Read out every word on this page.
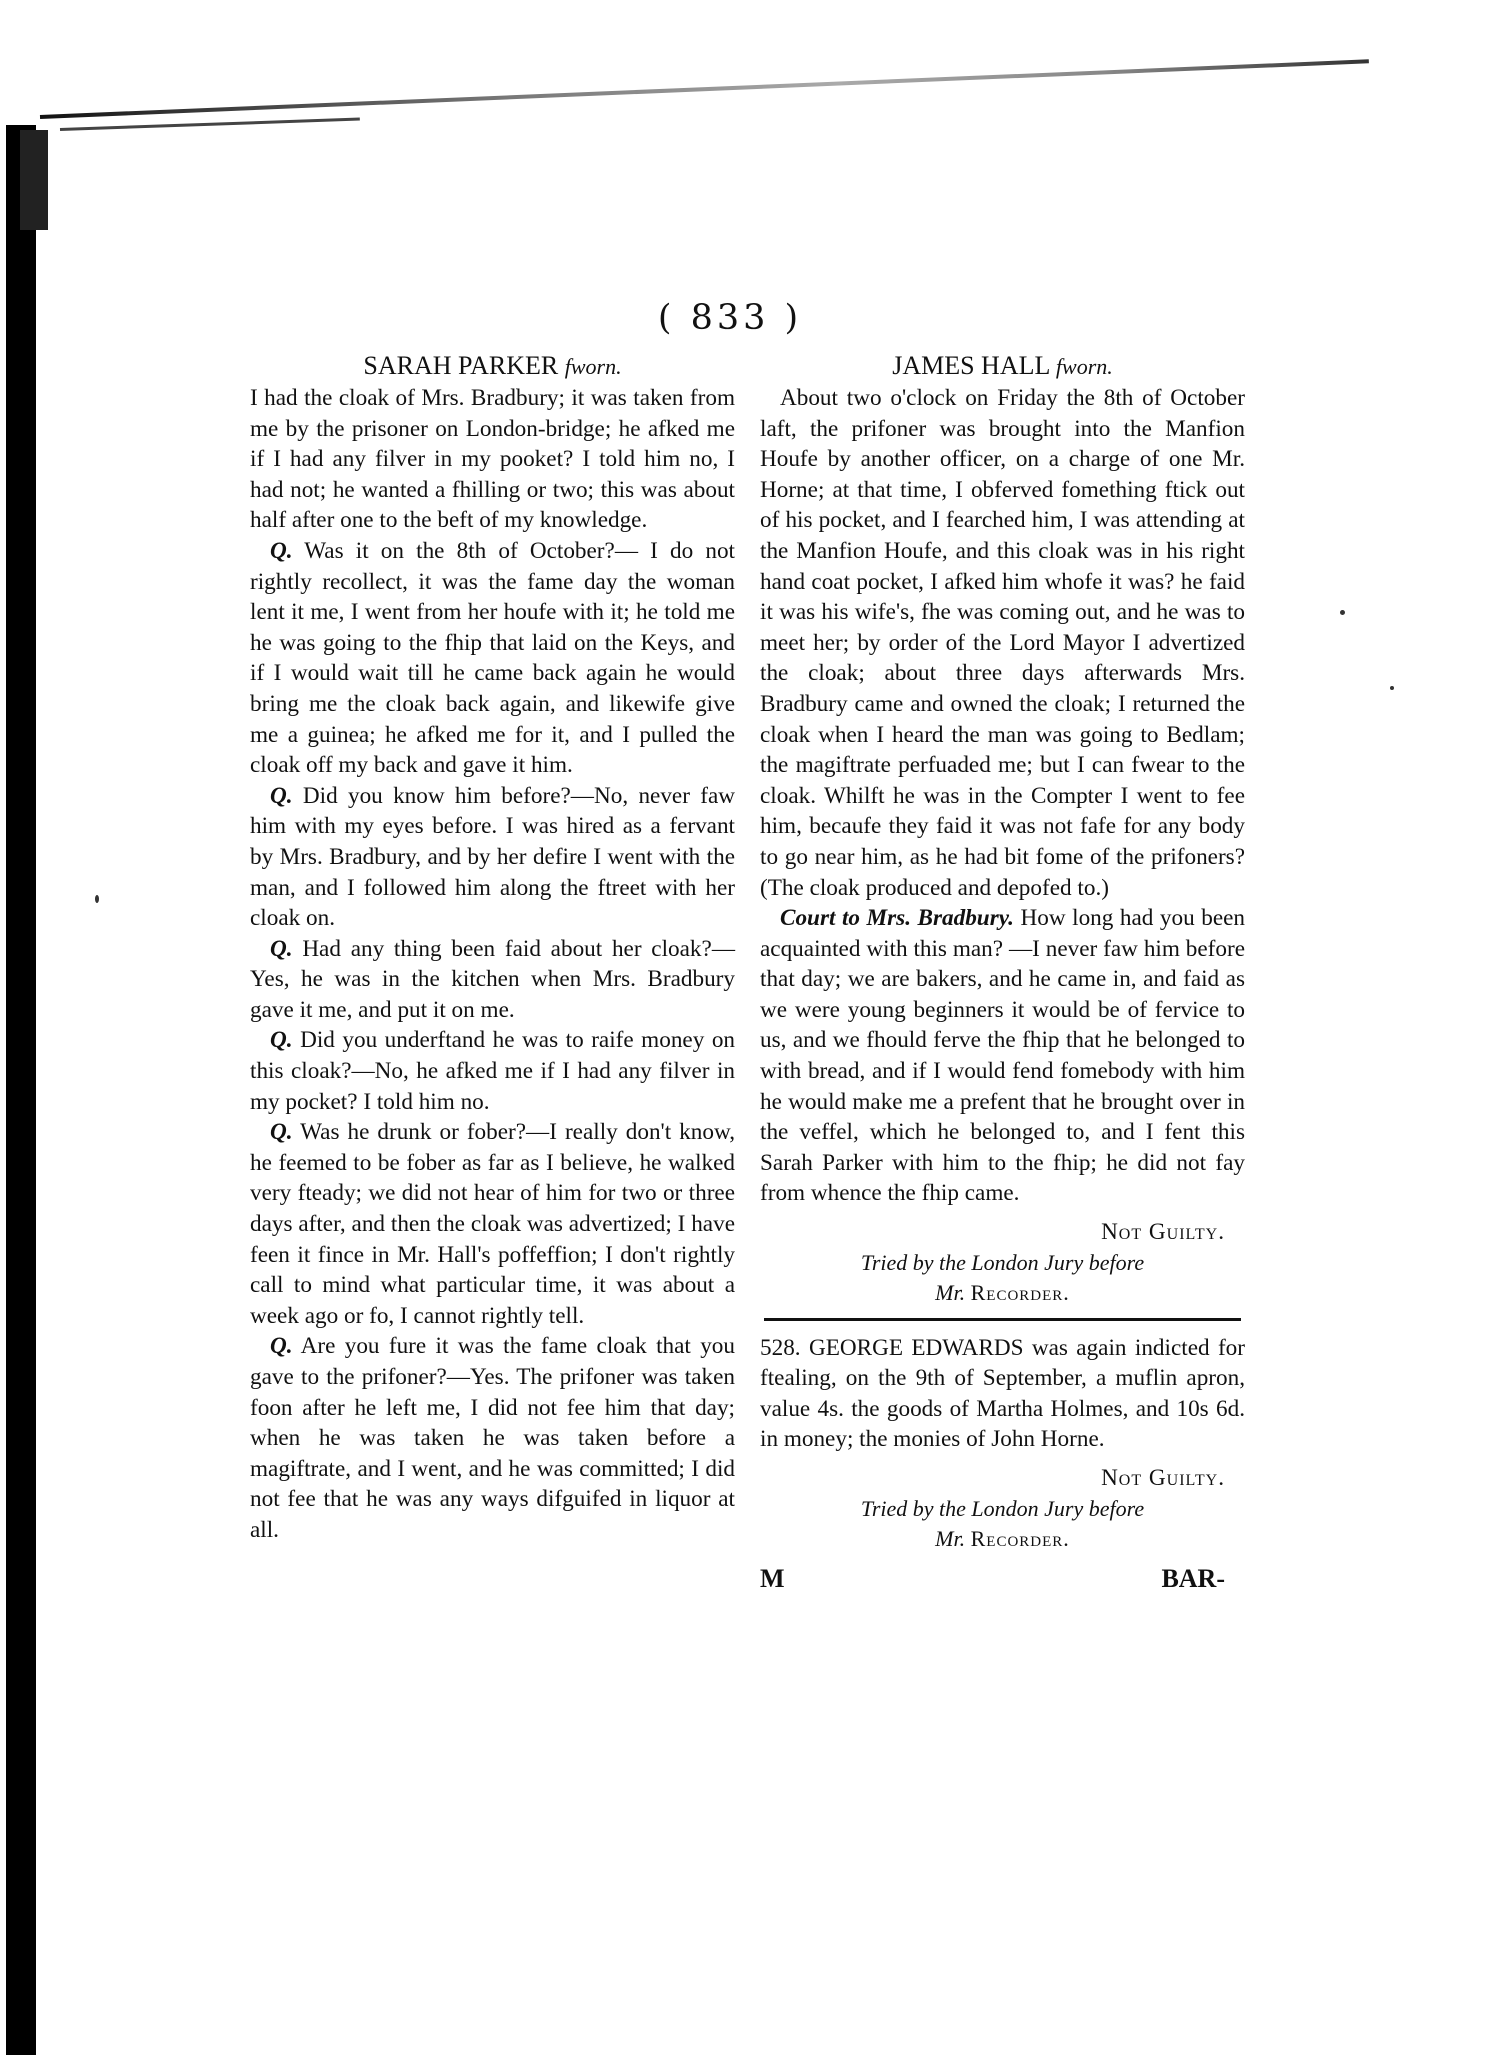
( 833 )

SARAH PARKER fworn.

I had the cloak of Mrs. Bradbury; it was taken from me by the prisoner on London-bridge; he afked me if I had any filver in my pooket? I told him no, I had not; he wanted a fhilling or two; this was about half after one to the beft of my knowledge.

Q. Was it on the 8th of October?— I do not rightly recollect, it was the fame day the woman lent it me, I went from her houfe with it; he told me he was going to the fhip that laid on the Keys, and if I would wait till he came back again he would bring me the cloak back again, and likewife give me a guinea; he afked me for it, and I pulled the cloak off my back and gave it him.

Q. Did you know him before?—No, never faw him with my eyes before. I was hired as a fervant by Mrs. Bradbury, and by her defire I went with the man, and I followed him along the ftreet with her cloak on.

Q. Had any thing been faid about her cloak?—Yes, he was in the kitchen when Mrs. Bradbury gave it me, and put it on me.

Q. Did you underftand he was to raife money on this cloak?—No, he afked me if I had any filver in my pocket? I told him no.

Q. Was he drunk or fober?—I really don't know, he feemed to be fober as far as I believe, he walked very fteady; we did not hear of him for two or three days after, and then the cloak was advertized; I have feen it fince in Mr. Hall's poffeffion; I don't rightly call to mind what particular time, it was about a week ago or fo, I cannot rightly tell.

Q. Are you fure it was the fame cloak that you gave to the prifoner?—Yes. The prifoner was taken foon after he left me, I did not fee him that day; when he was taken he was taken before a magiftrate, and I went, and he was committed; I did not fee that he was any ways difguifed in liquor at all.

JAMES HALL fworn.

About two o'clock on Friday the 8th of October laft, the prifoner was brought into the Manfion Houfe by another officer, on a charge of one Mr. Horne; at that time, I obferved fomething ftick out of his pocket, and I fearched him, I was attending at the Manfion Houfe, and this cloak was in his right hand coat pocket, I afked him whofe it was? he faid it was his wife's, fhe was coming out, and he was to meet her; by order of the Lord Mayor I advertized the cloak; about three days afterwards Mrs. Bradbury came and owned the cloak; I returned the cloak when I heard the man was going to Bedlam; the magiftrate perfuaded me; but I can fwear to the cloak. Whilft he was in the Compter I went to fee him, becaufe they faid it was not fafe for any body to go near him, as he had bit fome of the prifoners? (The cloak produced and depofed to.)

Court to Mrs. Bradbury. How long had you been acquainted with this man? —I never faw him before that day; we are bakers, and he came in, and faid as we were young beginners it would be of fervice to us, and we fhould ferve the fhip that he belonged to with bread, and if I would fend fomebody with him he would make me a prefent that he brought over in the veffel, which he belonged to, and I fent this Sarah Parker with him to the fhip; he did not fay from whence the fhip came.

Not Guilty.

Tried by the London Jury before

Mr. Recorder.

528. GEORGE EDWARDS was again indicted for ftealing, on the 9th of September, a muflin apron, value 4s. the goods of Martha Holmes, and 10s 6d. in money; the monies of John Horne.

Not Guilty.

Tried by the London Jury before

Mr. Recorder.

M	BAR-
